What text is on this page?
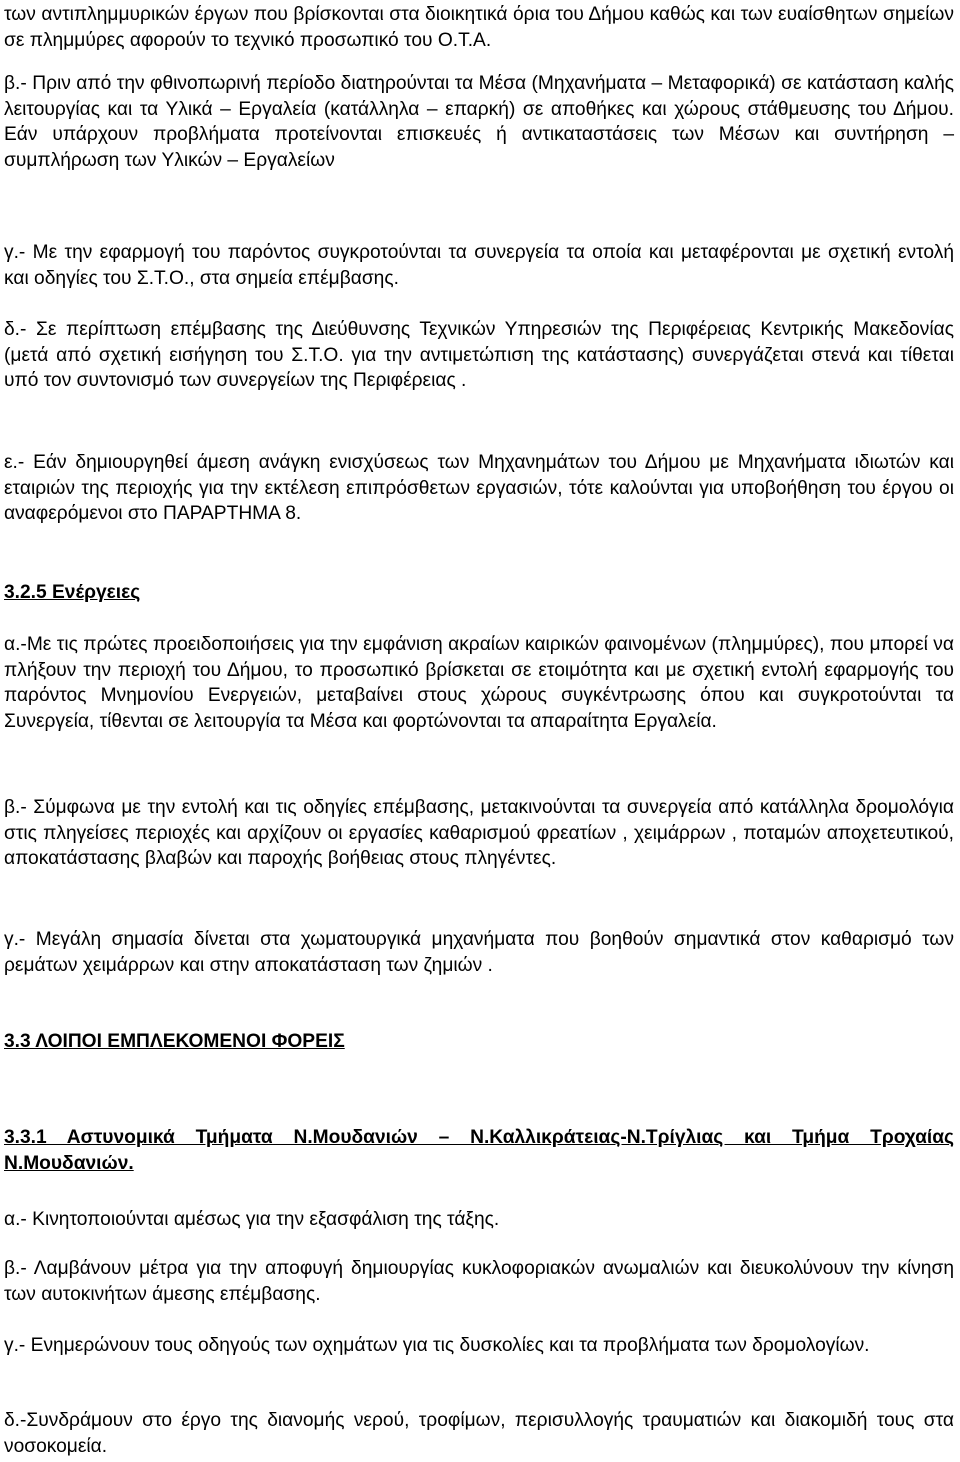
των αντιπλημμυρικών έργων που βρίσκονται στα διοικητικά όρια του Δήμου καθώς και των ευαίσθητων σημείων σε πλημμύρες αφορούν το τεχνικό προσωπικό του Ο.Τ.Α.

β.- Πριν από την φθινοπωρινή περίοδο διατηρούνται τα Μέσα (Μηχανήματα – Μεταφορικά) σε κατάσταση καλής λειτουργίας και τα Υλικά – Εργαλεία (κατάλληλα – επαρκή) σε αποθήκες και χώρους στάθμευσης του Δήμου. Εάν υπάρχουν προβλήματα προτείνονται επισκευές ή αντικαταστάσεις των Μέσων και συντήρηση – συμπλήρωση των Υλικών – Εργαλείων

γ.- Με την εφαρμογή του παρόντος συγκροτούνται τα συνεργεία τα οποία και μεταφέρονται με σχετική εντολή και οδηγίες του Σ.Τ.Ο., στα σημεία επέμβασης.

δ.- Σε περίπτωση επέμβασης της Διεύθυνσης Τεχνικών Υπηρεσιών της Περιφέρειας Κεντρικής Μακεδονίας (μετά από σχετική εισήγηση του Σ.Τ.Ο. για την αντιμετώπιση της κατάστασης) συνεργάζεται στενά και τίθεται υπό τον συντονισμό των συνεργείων της Περιφέρειας .

ε.- Εάν δημιουργηθεί άμεση ανάγκη ενισχύσεως των Μηχανημάτων του Δήμου με Μηχανήματα ιδιωτών και εταιριών της περιοχής για την εκτέλεση επιπρόσθετων εργασιών, τότε καλούνται για υποβοήθηση του έργου οι αναφερόμενοι στο ΠΑΡΑΡΤΗΜΑ 8.

3.2.5 Ενέργειες

α.-Με τις πρώτες προειδοποιήσεις για την εμφάνιση ακραίων καιρικών φαινομένων (πλημμύρες), που μπορεί να πλήξουν την περιοχή του Δήμου, το προσωπικό βρίσκεται σε ετοιμότητα και με σχετική εντολή εφαρμογής του παρόντος Μνημονίου Ενεργειών, μεταβαίνει στους χώρους συγκέντρωσης όπου και συγκροτούνται τα Συνεργεία, τίθενται σε λειτουργία τα Μέσα και φορτώνονται τα απαραίτητα Εργαλεία.

β.- Σύμφωνα με την εντολή και τις οδηγίες επέμβασης, μετακινούνται τα συνεργεία από κατάλληλα δρομολόγια στις πληγείσες περιοχές και αρχίζουν οι εργασίες καθαρισμού φρεατίων , χειμάρρων , ποταμών αποχετευτικού, αποκατάστασης βλαβών και παροχής βοήθειας στους πληγέντες.

γ.- Μεγάλη σημασία δίνεται στα χωματουργικά μηχανήματα που βοηθούν σημαντικά στον καθαρισμό των ρεμάτων χειμάρρων και στην αποκατάσταση των ζημιών .

3.3 ΛΟΙΠΟΙ ΕΜΠΛΕΚΟΜΕΝΟΙ ΦΟΡΕΙΣ

3.3.1 Αστυνομικά Τμήματα Ν.Μουδανιών – Ν.Καλλικράτειας-Ν.Τρίγλιας και Τμήμα Τροχαίας Ν.Μουδανιών.

α.- Κινητοποιούνται αμέσως για την εξασφάλιση της τάξης.

β.- Λαμβάνουν μέτρα για την αποφυγή δημιουργίας κυκλοφοριακών ανωμαλιών και διευκολύνουν την κίνηση των αυτοκινήτων άμεσης επέμβασης.

γ.- Ενημερώνουν τους οδηγούς των οχημάτων για τις δυσκολίες και τα προβλήματα των δρομολογίων.

δ.-Συνδράμουν στο έργο της διανομής νερού, τροφίμων, περισυλλογής τραυματιών και διακομιδή τους στα νοσοκομεία.
